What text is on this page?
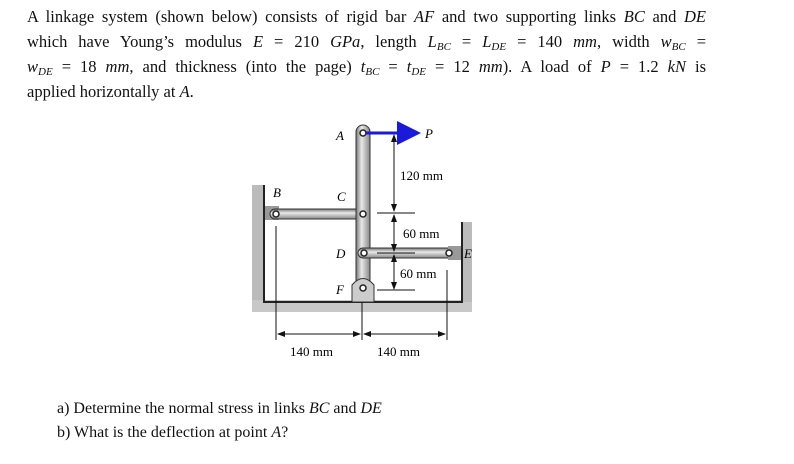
A linkage system (shown below) consists of rigid bar AF and two supporting links BC and DE
which have Young’s modulus E = 210 GPa, length $L_{BC} = L_{DE} = 140$ mm, width $w_{BC}$ =
$w_{DE} = 18$ mm, and thickness (into the page) $t_{BC} = t_{DE} = 12$ mm). A load of P = 1.2 kN is
applied horizontally at A.
A	P
B	C
D	E
F
120 mm
60 mm
60 mm
140 mm	140 mm
a) Determine the normal stress in links BC and DE
b) What is the deflection at point A?
